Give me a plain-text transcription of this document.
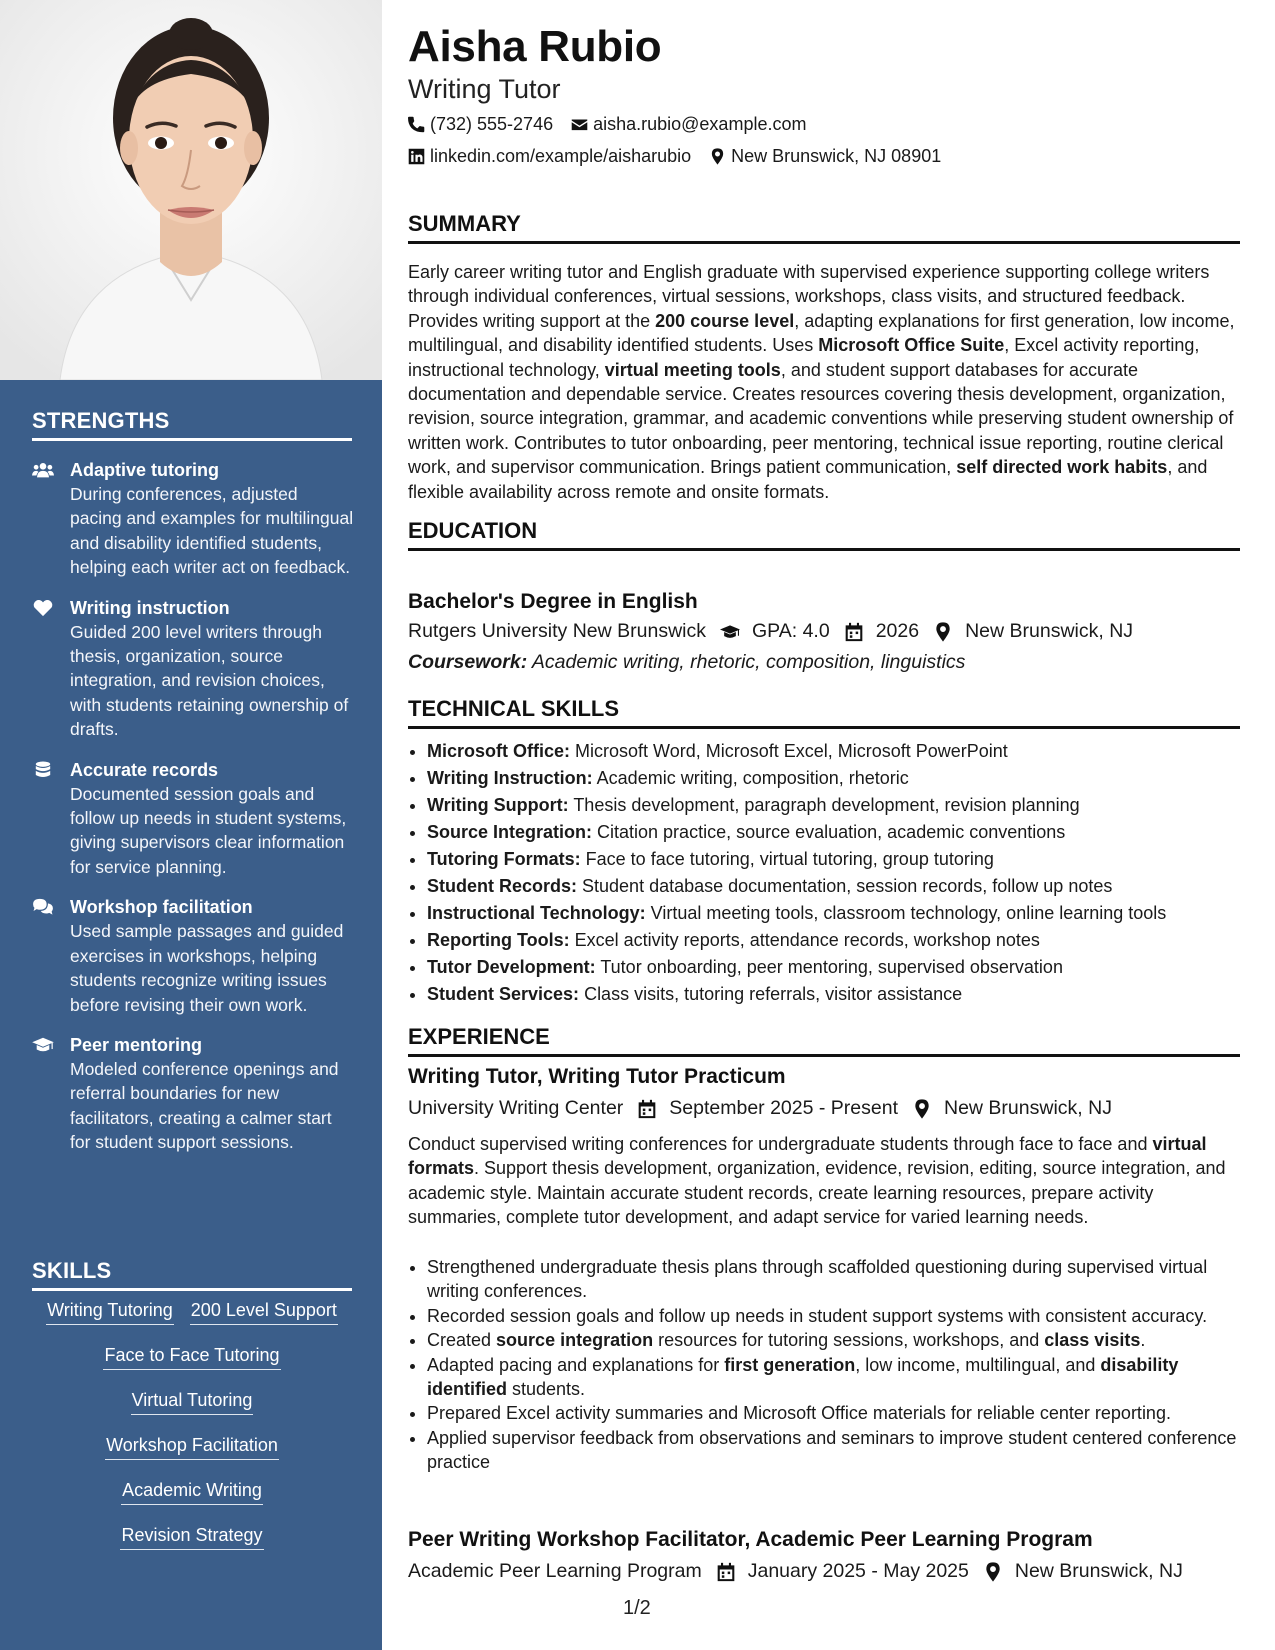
STRENGTHS
Adaptive tutoring
During conferences, adjusted pacing and examples for multilingual and disability identified students, helping each writer act on feedback.
Writing instruction
Guided 200 level writers through thesis, organization, source integration, and revision choices, with students retaining ownership of drafts.
Accurate records
Documented session goals and follow up needs in student systems, giving supervisors clear information for service planning.
Workshop facilitation
Used sample passages and guided exercises in workshops, helping students recognize writing issues before revising their own work.
Peer mentoring
Modeled conference openings and referral boundaries for new facilitators, creating a calmer start for student support sessions.
SKILLS
Writing Tutoring 200 Level Support
Face to Face Tutoring
Virtual Tutoring
Workshop Facilitation
Academic Writing
Revision Strategy
Aisha Rubio
Writing Tutor
(732) 555-2746 aisha.rubio@example.com
linkedin.com/example/aisharubio New Brunswick, NJ 08901
SUMMARY
Early career writing tutor and English graduate with supervised experience supporting college writers through individual conferences, virtual sessions, workshops, class visits, and structured feedback. Provides writing support at the 200 course level, adapting explanations for first generation, low income, multilingual, and disability identified students. Uses Microsoft Office Suite, Excel activity reporting, instructional technology, virtual meeting tools, and student support databases for accurate documentation and dependable service. Creates resources covering thesis development, organization, revision, source integration, grammar, and academic conventions while preserving student ownership of written work. Contributes to tutor onboarding, peer mentoring, technical issue reporting, routine clerical work, and supervisor communication. Brings patient communication, self directed work habits, and flexible availability across remote and onsite formats.
EDUCATION
Bachelor's Degree in English
Rutgers University New Brunswick GPA: 4.0 2026 New Brunswick, NJ
Coursework: Academic writing, rhetoric, composition, linguistics
TECHNICAL SKILLS
• Microsoft Office: Microsoft Word, Microsoft Excel, Microsoft PowerPoint
• Writing Instruction: Academic writing, composition, rhetoric
• Writing Support: Thesis development, paragraph development, revision planning
• Source Integration: Citation practice, source evaluation, academic conventions
• Tutoring Formats: Face to face tutoring, virtual tutoring, group tutoring
• Student Records: Student database documentation, session records, follow up notes
• Instructional Technology: Virtual meeting tools, classroom technology, online learning tools
• Reporting Tools: Excel activity reports, attendance records, workshop notes
• Tutor Development: Tutor onboarding, peer mentoring, supervised observation
• Student Services: Class visits, tutoring referrals, visitor assistance
EXPERIENCE
Writing Tutor, Writing Tutor Practicum
University Writing Center September 2025 - Present New Brunswick, NJ
Conduct supervised writing conferences for undergraduate students through face to face and virtual formats. Support thesis development, organization, evidence, revision, editing, source integration, and academic style. Maintain accurate student records, create learning resources, prepare activity summaries, complete tutor development, and adapt service for varied learning needs.
• Strengthened undergraduate thesis plans through scaffolded questioning during supervised virtual writing conferences.
• Recorded session goals and follow up needs in student support systems with consistent accuracy.
• Created source integration resources for tutoring sessions, workshops, and class visits.
• Adapted pacing and explanations for first generation, low income, multilingual, and disability identified students.
• Prepared Excel activity summaries and Microsoft Office materials for reliable center reporting.
• Applied supervisor feedback from observations and seminars to improve student centered conference practice
Peer Writing Workshop Facilitator, Academic Peer Learning Program
Academic Peer Learning Program January 2025 - May 2025 New Brunswick, NJ
1/2
